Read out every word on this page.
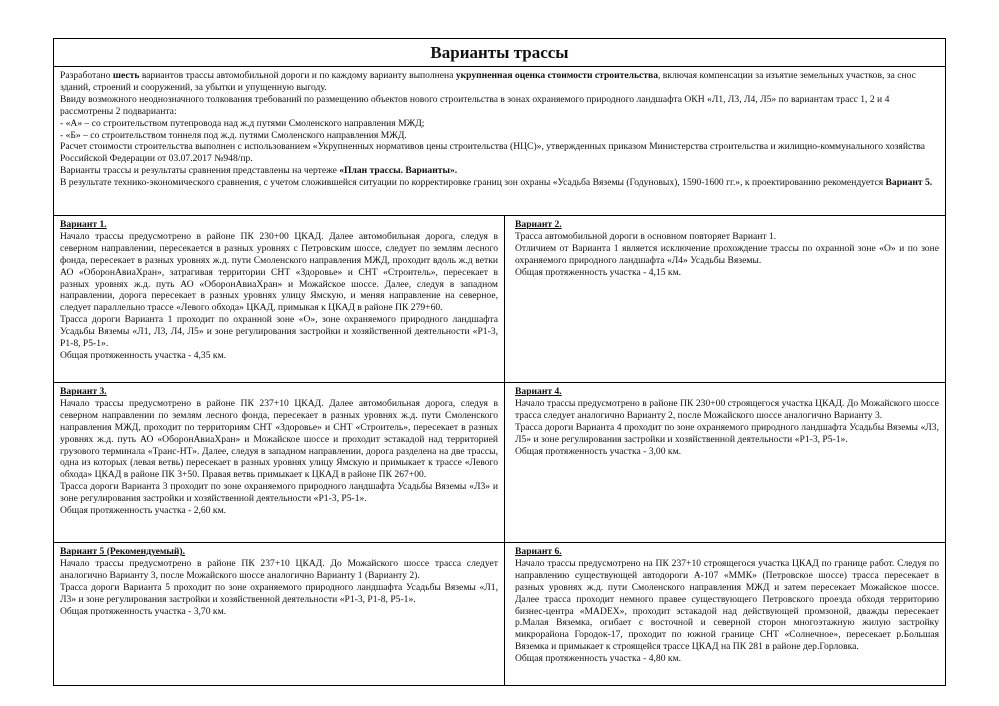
Варианты трассы

Разработано шесть вариантов трассы автомобильной дороги и по каждому варианту выполнена укрупненная оценка стоимости строительства, включая компенсации за изъятие земельных участков, за снос зданий, строений и сооружений, за убытки и упущенную выгоду.

Ввиду возможного неоднозначного толкования требований по размещению объектов нового строительства в зонах охраняемого природного ландшафта ОКН «Л1, Л3, Л4, Л5» по вариантам трасс 1, 2 и 4 рассмотрены 2 подварианта:

- «А» – со строительством путепровода над ж.д путями Смоленского направления МЖД;

- «Б» – со строительством тоннеля под ж.д. путями Смоленского направления МЖД.

Расчет стоимости строительства выполнен с использованием «Укрупненных нормативов цены строительства (НЦС)», утвержденных приказом Министерства строительства и жилищно-коммунального хозяйства Российской Федерации от 03.07.2017 №948/пр.

Варианты трассы и результаты сравнения представлены на чертеже «План трассы. Варианты».

В результате технико-экономического сравнения, с учетом сложившейся ситуации по корректировке границ зон охраны «Усадьба Вяземы (Годуновых), 1590-1600 гг.», к проектированию рекомендуется Вариант 5.

Вариант 1.

Начало трассы предусмотрено в районе ПК 230+00 ЦКАД. Далее автомобильная дорога, следуя в северном направлении, пересекается в разных уровнях с Петровским шоссе, следует по землям лесного фонда, пересекает в разных уровнях ж.д. пути Смоленского направления МЖД, проходит вдоль ж.д ветки АО «ОборонАвиаХран», затрагивая территории СНТ «Здоровье» и СНТ «Строитель», пересекает в разных уровнях ж.д. путь АО «ОборонАвиаХран» и Можайское шоссе. Далее, следуя в западном направлении, дорога пересекает в разных уровнях улицу Ямскую, и меняя направление на северное, следует параллельно трассе «Левого обхода» ЦКАД, примыкая к ЦКАД в районе ПК 279+60.

Трасса дороги Варианта 1 проходит по охранной зоне «О», зоне охраняемого природного ландшафта Усадьбы Вяземы «Л1, Л3, Л4, Л5» и зоне регулирования застройки и хозяйственной деятельности «Р1-3, Р1-8, Р5-1».

Общая протяженность участка - 4,35 км.

Вариант 2.

Трасса автомобильной дороги в основном повторяет Вариант 1.

Отличием от Варианта 1 является исключение прохождение трассы по охранной зоне «О» и по зоне охраняемого природного ландшафта «Л4» Усадьбы Вяземы.

Общая протяженность участка - 4,15 км.

Вариант 3.

Начало трассы предусмотрено в районе ПК 237+10 ЦКАД. Далее автомобильная дорога, следуя в северном направлении по землям лесного фонда, пересекает в разных уровнях ж.д. пути Смоленского направления МЖД, проходит по территориям СНТ «Здоровье» и СНТ «Строитель», пересекает в разных уровнях ж.д. путь АО «ОборонАвиаХран» и Можайское шоссе и проходит эстакадой над территорией грузового терминала «Транс-НТ». Далее, следуя в западном направлении, дорога разделена на две трассы, одна из которых (левая ветвь) пересекает в разных уровнях улицу Ямскую и примыкает к трассе «Левого обхода» ЦКАД в районе ПК 3+50. Правая ветвь примыкает к ЦКАД в районе ПК 267+00.

Трасса дороги Варианта 3 проходит по зоне охраняемого природного ландшафта Усадьбы Вяземы «Л3» и зоне регулирования застройки и хозяйственной деятельности «Р1-3, Р5-1».

Общая протяженность участка - 2,60 км.

Вариант 4.

Начало трассы предусмотрено в районе ПК 230+00 строящегося участка ЦКАД. До Можайского шоссе трасса следует аналогично Варианту 2, после Можайского шоссе аналогично Варианту 3.

Трасса дороги Варианта 4 проходит по зоне охраняемого природного ландшафта Усадьбы Вяземы «Л3, Л5» и зоне регулирования застройки и хозяйственной деятельности «Р1-3, Р5-1».

Общая протяженность участка - 3,00 км.

Вариант 5 (Рекомендуемый).

Начало трассы предусмотрено в районе ПК 237+10 ЦКАД. До Можайского шоссе трасса следует аналогично Варианту 3, после Можайского шоссе аналогично Варианту 1 (Варианту 2).

Трасса дороги Варианта 5 проходит по зоне охраняемого природного ландшафта Усадьбы Вяземы «Л1, Л3» и зоне регулирования застройки и хозяйственной деятельности «Р1-3, Р1-8, Р5-1».

Общая протяженность участка - 3,70 км.

Вариант 6.

Начало трассы предусмотрено на ПК 237+10 строящегося участка ЦКАД по границе работ. Следуя по направлению существующей автодороги А-107 «ММК» (Петровское шоссе) трасса пересекает в разных уровнях ж.д. пути Смоленского направления МЖД и затем пересекает Можайское шоссе. Далее трасса проходит немного правее существующего Петровского проезда обходя территорию бизнес-центра «MADEX», проходит эстакадой над действующей промзоной, дважды пересекает р.Малая Вяземка, огибает с восточной и северной сторон многоэтажную жилую застройку микрорайона Городок-17, проходит по южной границе СНТ «Солнечное», пересекает р.Большая Вяземка и примыкает к строящейся трассе ЦКАД на ПК 281 в районе дер.Горловка.

Общая протяженность участка - 4,80 км.
